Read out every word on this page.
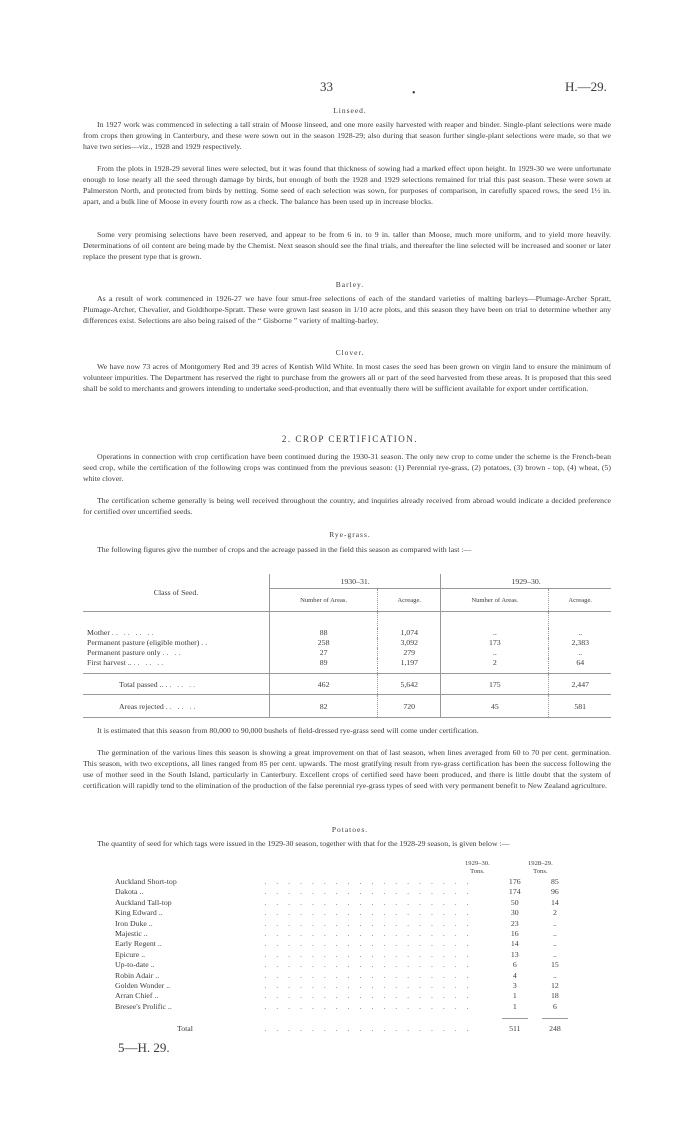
33	•	H.—29.
Linseed.

In 1927 work was commenced in selecting a tall strain of Moose linseed, and one more easily harvested with reaper and binder. Single-plant selections were made from crops then growing in Canterbury, and these were sown out in the season 1928-29; also during that season further single-plant selections were made, so that we have two series—viz., 1928 and 1929 respectively.

From the plots in 1928-29 several lines were selected, but it was found that thickness of sowing had a marked effect upon height. In 1929-30 we were unfortunate enough to lose nearly all the seed through damage by birds, but enough of both the 1928 and 1929 selections remained for trial this past season. These were sown at Palmerston North, and protected from birds by netting. Some seed of each selection was sown, for purposes of comparison, in carefully spaced rows, the seed 1½ in. apart, and a bulk line of Moose in every fourth row as a check. The balance has been used up in increase blocks.

Some very promising selections have been reserved, and appear to be from 6 in. to 9 in. taller than Moose, much more uniform, and to yield more heavily. Determinations of oil content are being made by the Chemist. Next season should see the final trials, and thereafter the line selected will be increased and sooner or later replace the present type that is grown.

Barley.

As a result of work commenced in 1926-27 we have four smut-free selections of each of the standard varieties of malting barleys—Plumage-Archer Spratt, Plumage-Archer, Chevalier, and Goldthorpe-Spratt. These were grown last season in 1/10 acre plots, and this season they have been on trial to determine whether any differences exist. Selections are also being raised of the “ Gisborne ” variety of malting-barley.

Clover.

We have now 73 acres of Montgomery Red and 39 acres of Kentish Wild White. In most cases the seed has been grown on virgin land to ensure the minimum of volunteer impurities. The Department has reserved the right to purchase from the growers all or part of the seed harvested from these areas. It is proposed that this seed shall be sold to merchants and growers intending to undertake seed-production, and that eventually there will be sufficient available for export under certification.

2. CROP CERTIFICATION.

Operations in connection with crop certification have been continued during the 1930-31 season. The only new crop to come under the scheme is the French-bean seed crop, while the certification of the following crops was continued from the previous season: (1) Perennial rye-grass, (2) potatoes, (3) brown - top, (4) wheat, (5) white clover.

The certification scheme generally is being well received throughout the country, and inquiries already received from abroad would indicate a decided preference for certified over uncertified seeds.

Rye-grass.

The following figures give the number of crops and the acreage passed in the field this season as compared with last :—

Class of Seed.	1930–31.		1929–30.	
	Number of Areas.	Acreage.	Number of Areas.	Acreage.

Mother .. .. .. ..	88	1,074	..	..
Permanent pasture (eligible mother) ..	258	3,092	173	2,383
Permanent pasture only .. ..	27	279	..	..
First harvest .. .. .. ..	89	1,197	2	64

Total passed .. .. .. ..	462	5,642	175	2,447
Areas rejected .. .. ..	82	720	45	581

It is estimated that this season from 80,000 to 90,000 bushels of field-dressed rye-grass seed will come under certification.

The germination of the various lines this season is showing a great improvement on that of last season, when lines averaged from 60 to 70 per cent. germination. This season, with two exceptions, all lines ranged from 85 per cent. upwards. The most gratifying result from rye-grass certification has been the success following the use of mother seed in the South Island, particularly in Canterbury. Excellent crops of certified seed have been produced, and there is little doubt that the system of certification will rapidly tend to the elimination of the production of the false perennial rye-grass types of seed with very permanent benefit to New Zealand agriculture.

Potatoes.

The quantity of seed for which tags were issued in the 1929-30 season, together with that for the 1928-29 season, is given below :—

1929–30.
Tons.
1928–29.
Tons.
Auckland Short-top	. . . . . . . . . . . . . . . . . .	176	85
Dakota ..	. . . . . . . . . . . . . . . . . .	174	96
Auckland Tall-top	. . . . . . . . . . . . . . . . . .	50	14
King Edward ..	. . . . . . . . . . . . . . . . . .	30	2
Iron Duke ..	. . . . . . . . . . . . . . . . . .	23	..
Majestic ..	. . . . . . . . . . . . . . . . . .	16	..
Early Regent ..	. . . . . . . . . . . . . . . . . .	14	..
Epicure ..	. . . . . . . . . . . . . . . . . .	13	..
Up-to-date ..	. . . . . . . . . . . . . . . . . .	6	15
Robin Adair ..	. . . . . . . . . . . . . . . . . .	4	..
Golden Wonder ..	. . . . . . . . . . . . . . . . . .	3	12
Arran Chief ..	. . . . . . . . . . . . . . . . . .	1	18
Bresee's Prolific ..	. . . . . . . . . . . . . . . . . .	1	6

Total	. . . . . . . . . . . . . . . . . .	511	248
5—H. 29.
